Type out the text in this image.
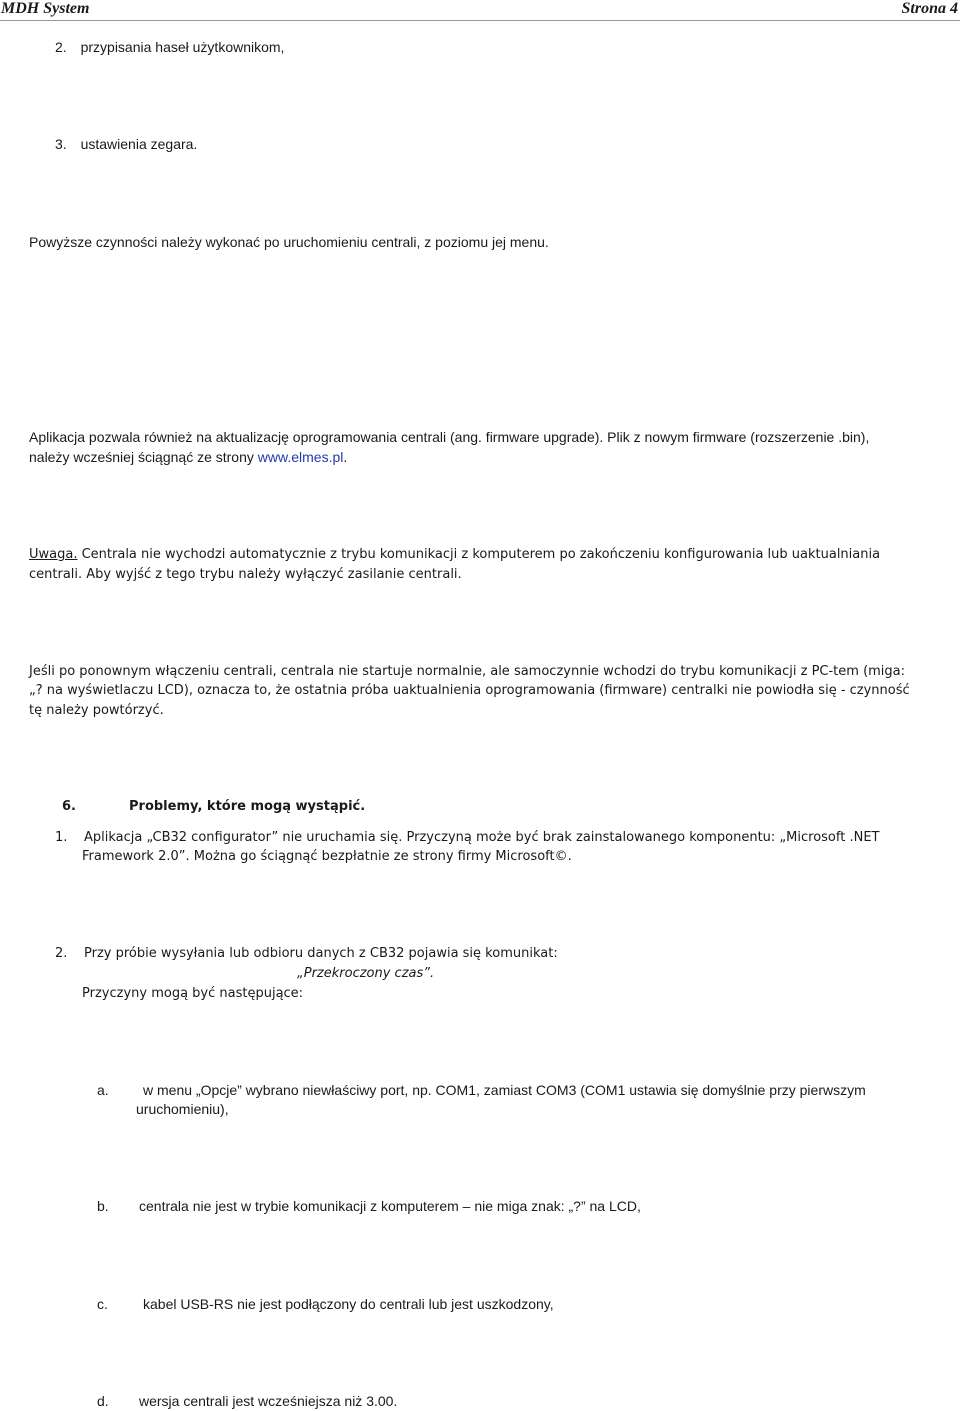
MDH System	Strona 4
2. przypisania haseł użytkownikom,
3. ustawienia zegara.
Powyższe czynności należy wykonać po uruchomieniu centrali, z poziomu jej menu.
Aplikacja pozwala również na aktualizację oprogramowania centrali (ang. firmware upgrade). Plik z nowym firmware (rozszerzenie .bin),
należy wcześniej ściągnąć ze strony www.elmes.pl.
Uwaga. Centrala nie wychodzi automatycznie z trybu komunikacji z komputerem po zakończeniu konfigurowania lub uaktualniania
centrali. Aby wyjść z tego trybu należy wyłączyć zasilanie centrali.
Jeśli po ponownym włączeniu centrali, centrala nie startuje normalnie, ale samoczynnie wchodzi do trybu komunikacji z PC-tem (miga:
„? na wyświetlaczu LCD), oznacza to, że ostatnia próba uaktualnienia oprogramowania (firmware) centralki nie powiodła się - czynność
tę należy powtórzyć.
6.	Problemy, które mogą wystąpić.
1. Aplikacja „CB32 configurator” nie uruchamia się. Przyczyną może być brak zainstalowanego komponentu: „Microsoft .NET
Framework 2.0”. Można go ściągnąć bezpłatnie ze strony firmy Microsoft©.
2. Przy próbie wysyłania lub odbioru danych z CB32 pojawia się komunikat:
„Przekroczony czas”.
Przyczyny mogą być następujące:
a. w menu „Opcje” wybrano niewłaściwy port, np. COM1, zamiast COM3 (COM1 ustawia się domyślnie przy pierwszym
uruchomieniu),
b. centrala nie jest w trybie komunikacji z komputerem – nie miga znak: „?” na LCD,
c.	kabel USB-RS nie jest podłączony do centrali lub jest uszkodzony,
d. wersja centrali jest wcześniejsza niż 3.00.
